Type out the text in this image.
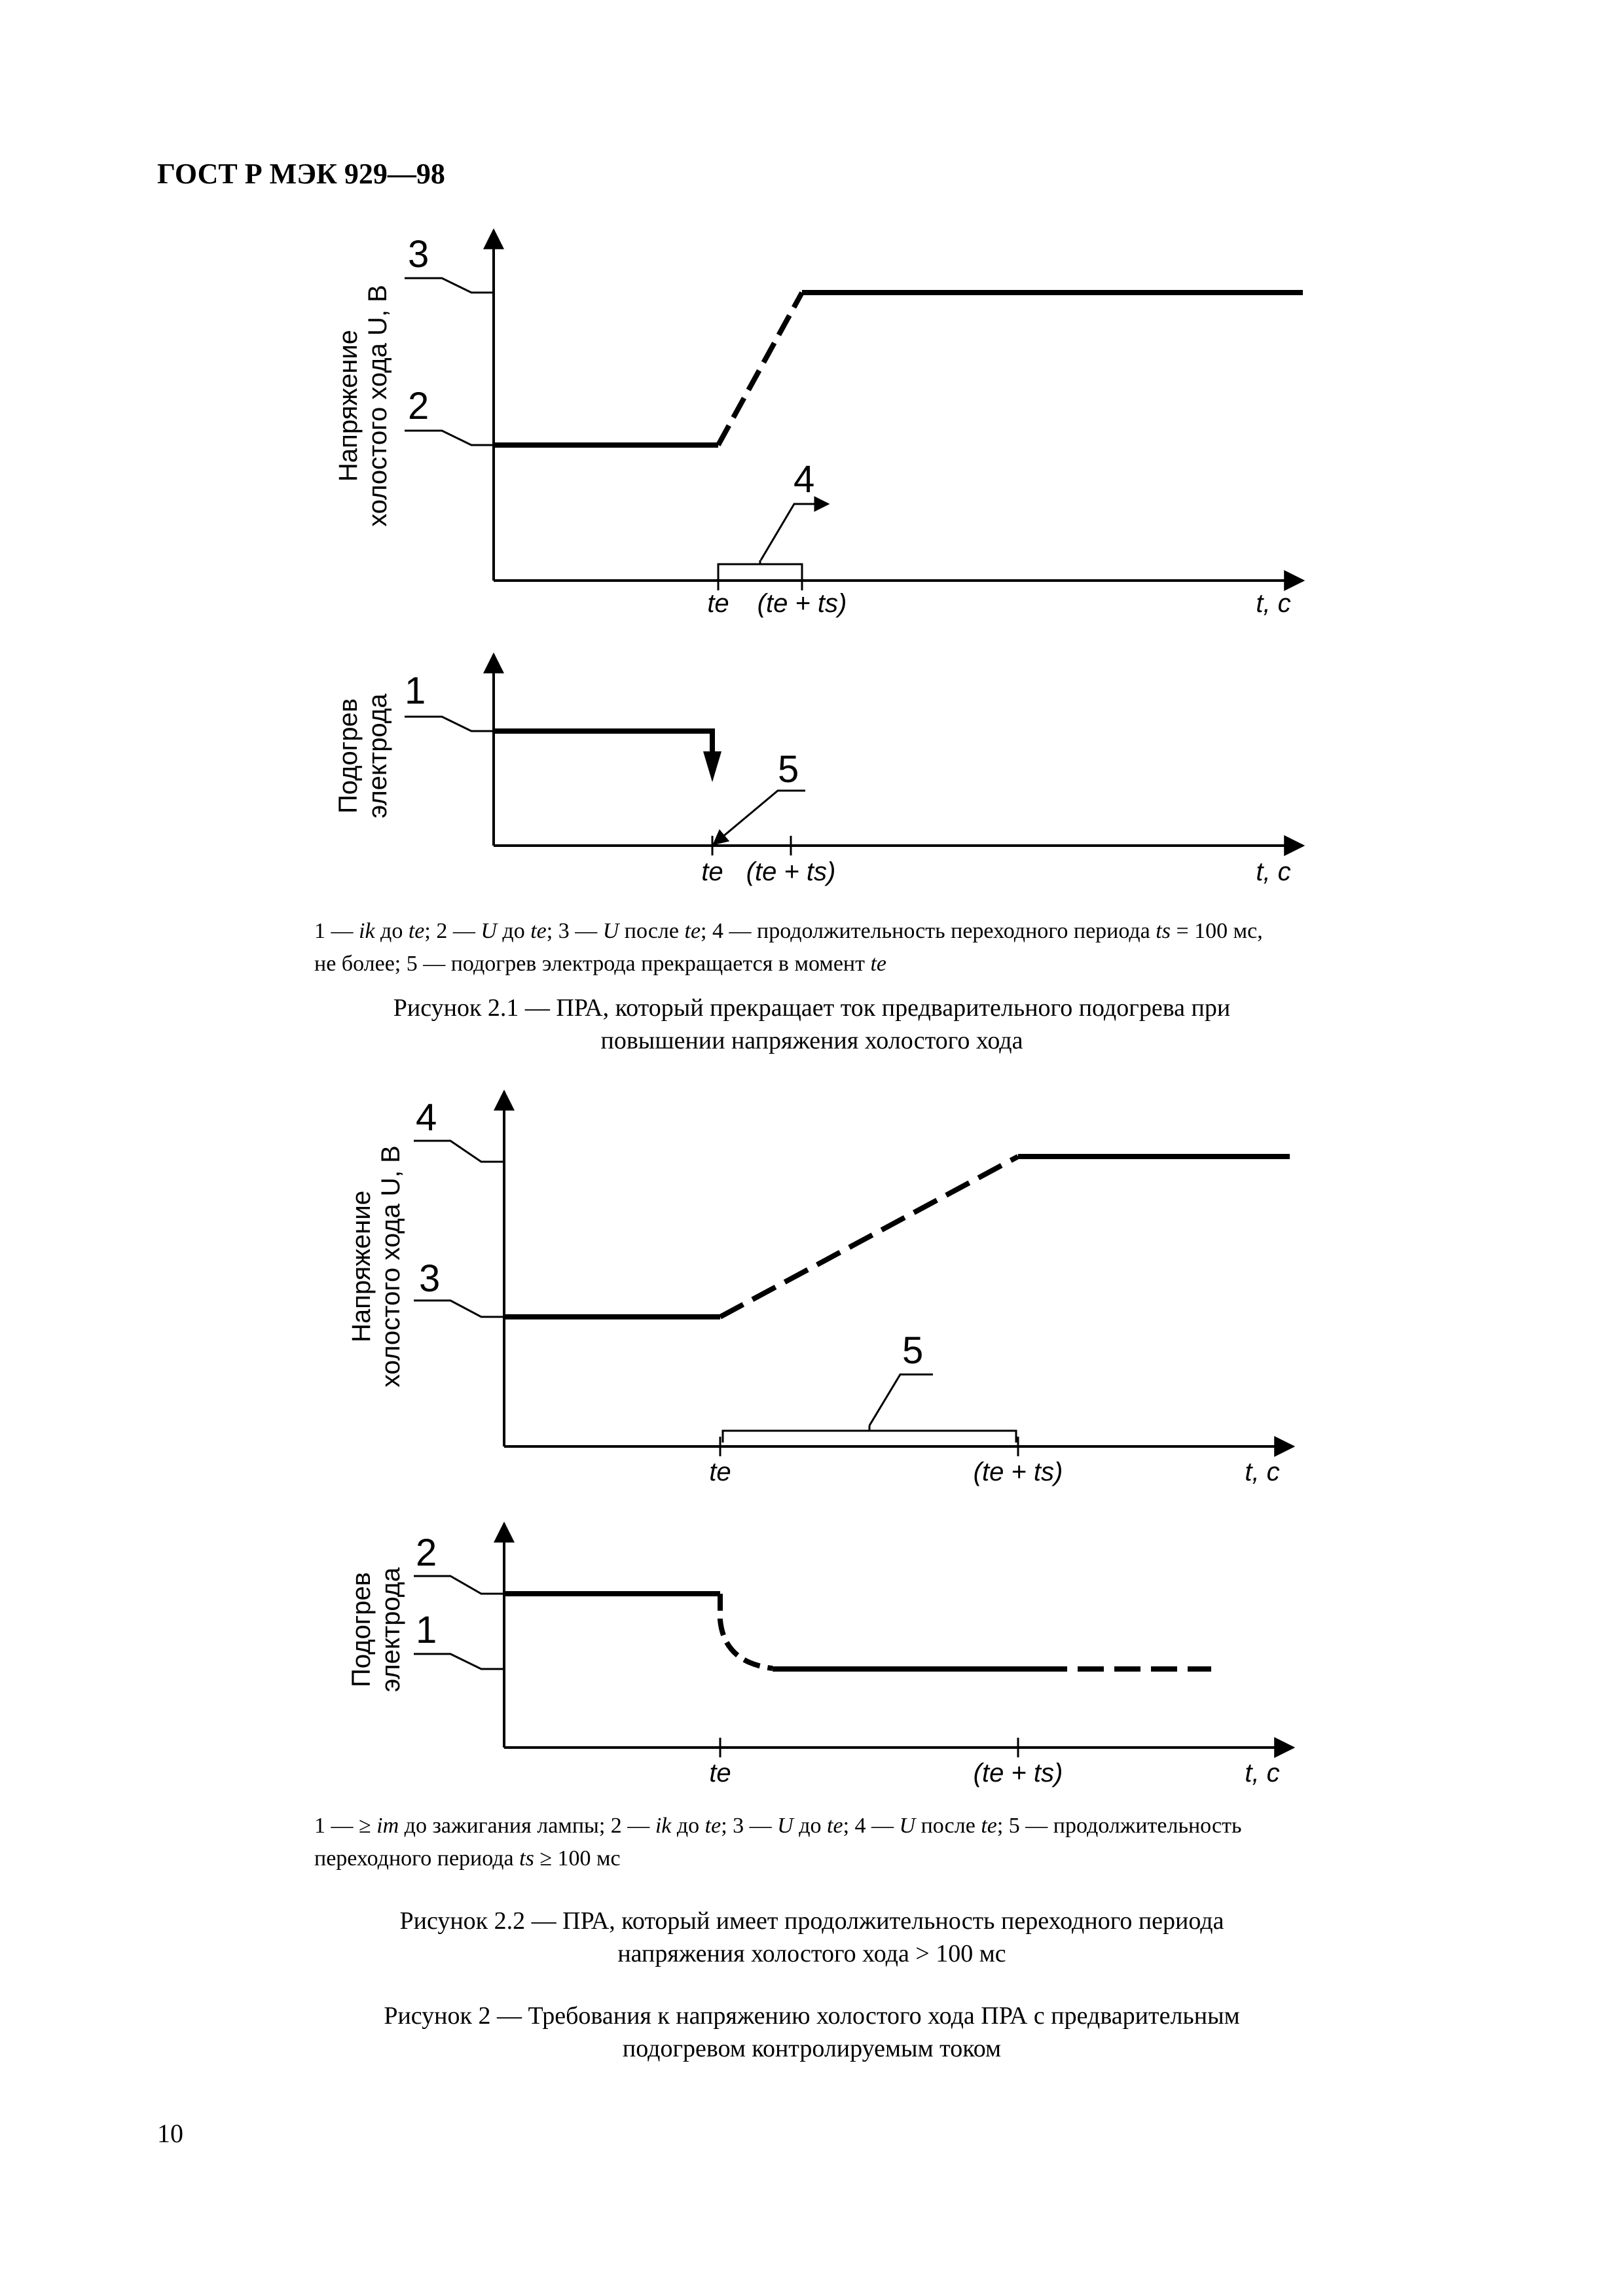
ГОСТ Р МЭК 929—98
3
2
4
Напряжение холостого хода U, В
te (te + ts)	t, с
1
5
Подогрев электрода
te (te + ts)	t, с
4
3
5
Напряжение холостого хода U, В
te	(te + ts)	t, с
2
1
Подогрев электрода
te	(te + ts)	t, с
1 — ik до te; 2 — U до te; 3 — U после te; 4 — продолжительность переходного периода ts = 100 мс,
не более; 5 — подогрев электрода прекращается в момент te
Рисунок 2.1 — ПРА, который прекращает ток предварительного подогрева при
повышении напряжения холостого хода
1 — ≥ im до зажигания лампы; 2 — ik до te; 3 — U до te; 4 — U после te; 5 — продолжительность
переходного периода ts ≥ 100 мс
Рисунок 2.2 — ПРА, который имеет продолжительность переходного периода
напряжения холостого хода > 100 мс
Рисунок 2 — Требования к напряжению холостого хода ПРА с предварительным
подогревом контролируемым током
10
